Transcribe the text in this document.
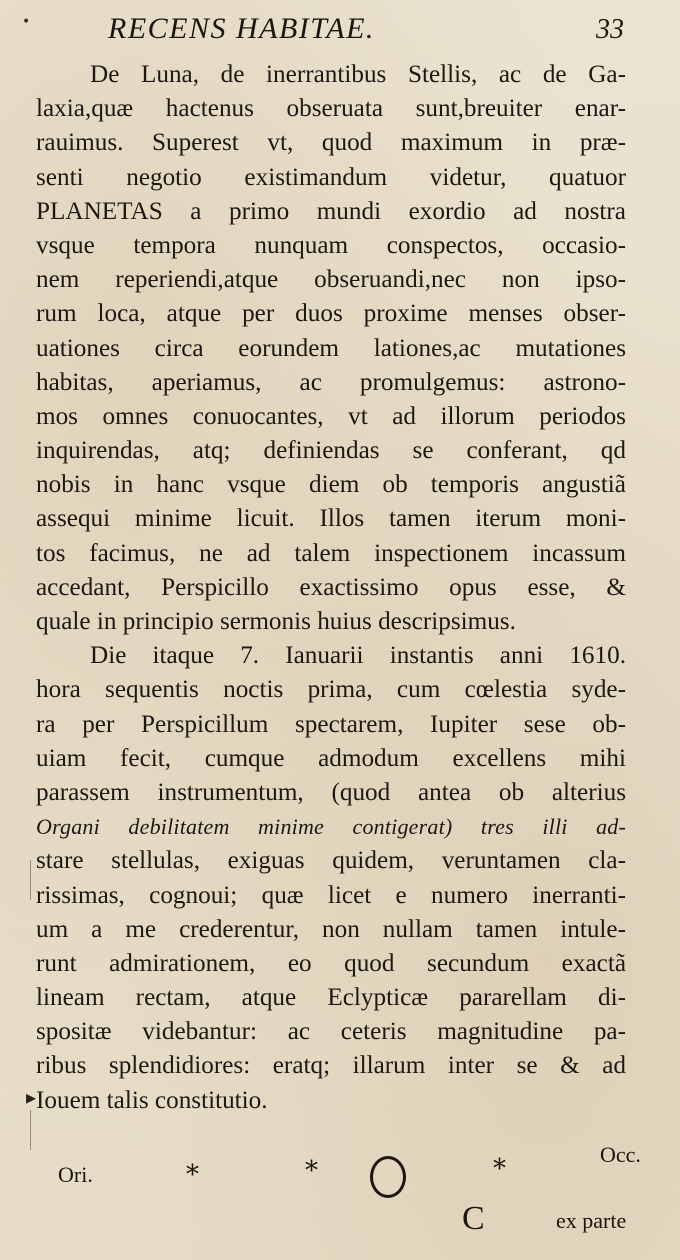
•	RECENS HABITAE.	33
De Luna, de inerrantibus Stellis, ac de Ga-
laxia,quæ hactenus obseruata sunt,breuiter enar-
rauimus. Superest vt, quod maximum in præ-
senti negotio existimandum videtur, quatuor
PLANETAS a primo mundi exordio ad nostra
vsque tempora nunquam conspectos, occasio-
nem reperiendi,atque obseruandi,nec non ipso-
rum loca, atque per duos proxime menses obser-
uationes circa eorundem lationes,ac mutationes
habitas, aperiamus, ac promulgemus: astrono-
mos omnes conuocantes, vt ad illorum periodos
inquirendas, atq; definiendas se conferant, qd
nobis in hanc vsque diem ob temporis angustiã
assequi minime licuit. Illos tamen iterum moni-
tos facimus, ne ad talem inspectionem incassum
accedant, Perspicillo exactissimo opus esse, &
quale in principio sermonis huius descripsimus.
Die itaque 7. Ianuarii instantis anni 1610.
hora sequentis noctis prima, cum cœlestia syde-
ra per Perspicillum spectarem, Iupiter sese ob-
uiam fecit, cumque admodum excellens mihi
parassem instrumentum, (quod antea ob alterius
Organi debilitatem minime contigerat) tres illi ad-
stare stellulas, exiguas quidem, veruntamen cla-
rissimas, cognoui; quæ licet e numero inerranti-
um a me crederentur, non nullam tamen intule-
runt admirationem, eo quod secundum exactã
lineam rectam, atque Eclypticæ pararellam di-
spositæ videbantur: ac ceteris magnitudine pa-
ribus splendidiores: eratq; illarum inter se & ad
Iouem talis constitutio.
▸
Ori.
Occ.
*	*	*
C	ex parte
